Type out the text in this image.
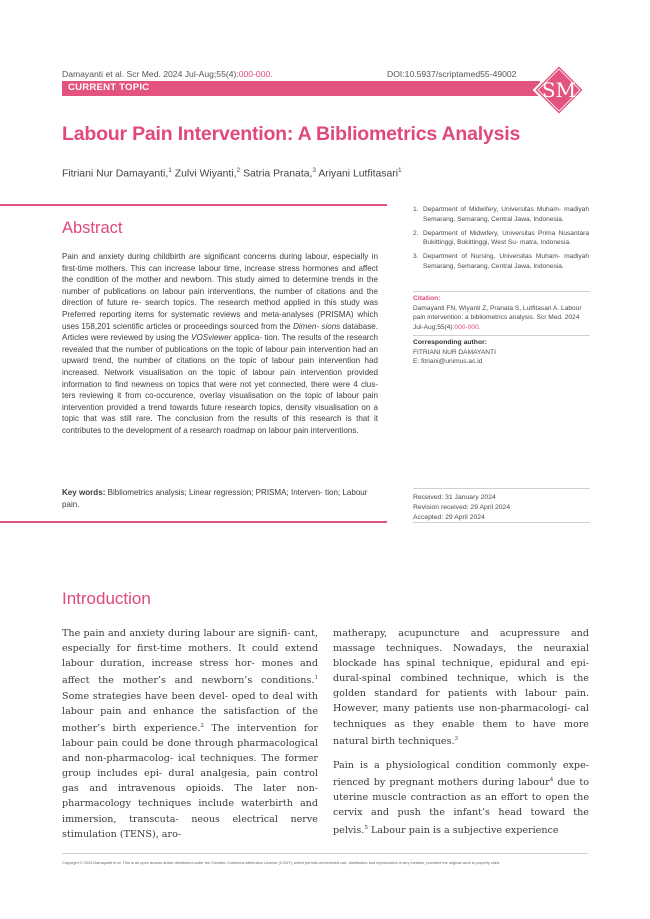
Damayanti et al. Scr Med. 2024 Jul-Aug;55(4):000-000.	DOI:10.5937/scriptamed55-49002
CURRENT TOPIC	SM
Labour Pain Intervention: A Bibliometrics Analysis
Fitriani Nur Damayanti,$^1$ Zulvi Wiyanti,$^2$ Satria Pranata,$^3$ Ariyani Lutfitasari$^1$
Abstract
Pain and anxiety during childbirth are significant concerns during labour, especially in first-time mothers. This can increase labour time, increase stress hormones and affect the condition of the mother and newborn. This study aimed to determine trends in the number of publications on labour pain interventions, the number of citations and the direction of future re- search topics. The research method applied in this study was Preferred reporting items for systematic reviews and meta-analyses (PRISMA) which uses 158,201 scientific articles or proceedings sourced from the Dimen- sions database. Articles were reviewed by using the VOSviewer applica- tion. The results of the research revealed that the number of publications on the topic of labour pain intervention had an upward trend, the number of citations on the topic of labour pain intervention had increased. Network visualisation on the topic of labour pain intervention provided information to find newness on topics that were not yet connected, there were 4 clus- ters reviewing it from co-occurence, overlay visualisation on the topic of labour pain intervention provided a trend towards future research topics, density visualisation on a topic that was still rare. The conclusion from the results of this research is that it contributes to the development of a research roadmap on labour pain interventions.
Key words: Bibliometrics analysis; Linear regression; PRISMA; Interven- tion; Labour pain.
1. Department of Midwifery, Universitas Muham- madiyah Semarang, Semarang, Central Jawa, Indonesia.
2. Department of Midwifery, Universitas Prima Nusantara Bukittinggi, Bukittinggi, West Su- matra, Indonesia.
3. Department of Nursing, Universitas Muham- madiyah Semarang, Semarang, Central Jawa, Indonesia.
Citation:
Damayanti FN, Wiyanti Z, Pranata S, Lutfitasari A. Labour pain intervention: a bibliometrics analysis. Scr Med. 2024 Jul-Aug;55(4):000-000.
Corresponding author:
FITRIANI NUR DAMAYANTI
E: fitriani@unimus.ac.id
Received: 31 January 2024
Revision received: 29 April 2024
Accepted: 29 April 2024
Introduction

The pain and anxiety during labour are signifi- cant, especially for first-time mothers. It could extend labour duration, increase stress hor- mones and affect the mother’s and newborn’s conditions.$^1$ Some strategies have been devel- oped to deal with labour pain and enhance the satisfaction of the mother’s birth experience.$^2$ The intervention for labour pain could be done through pharmacological and non-pharmacolog- ical techniques. The former group includes epi- dural analgesia, pain control gas and intravenous opioids. The later non-pharmacology techniques include waterbirth and immersion, transcuta- neous electrical nerve stimulation (TENS), aro-

matherapy, acupuncture and acupressure and massage techniques. Nowadays, the neuraxial blockade has spinal technique, epidural and epi- dural-spinal combined technique, which is the golden standard for patients with labour pain. However, many patients use non-pharmacologi- cal techniques as they enable them to have more natural birth techniques.$^3$

Pain is a physiological condition commonly expe- rienced by pregnant mothers during labour$^4$ due to uterine muscle contraction as an effort to open the cervix and push the infant’s head toward the pelvis.$^5$ Labour pain is a subjective experience

Copyright © 2024 Damayanti et al. This is an open access article distributed under the Creative Commons Attribution License (CCBY), which permits unrestricted use, distribution and reproduction in any medium, provided the original work is properly cited.
